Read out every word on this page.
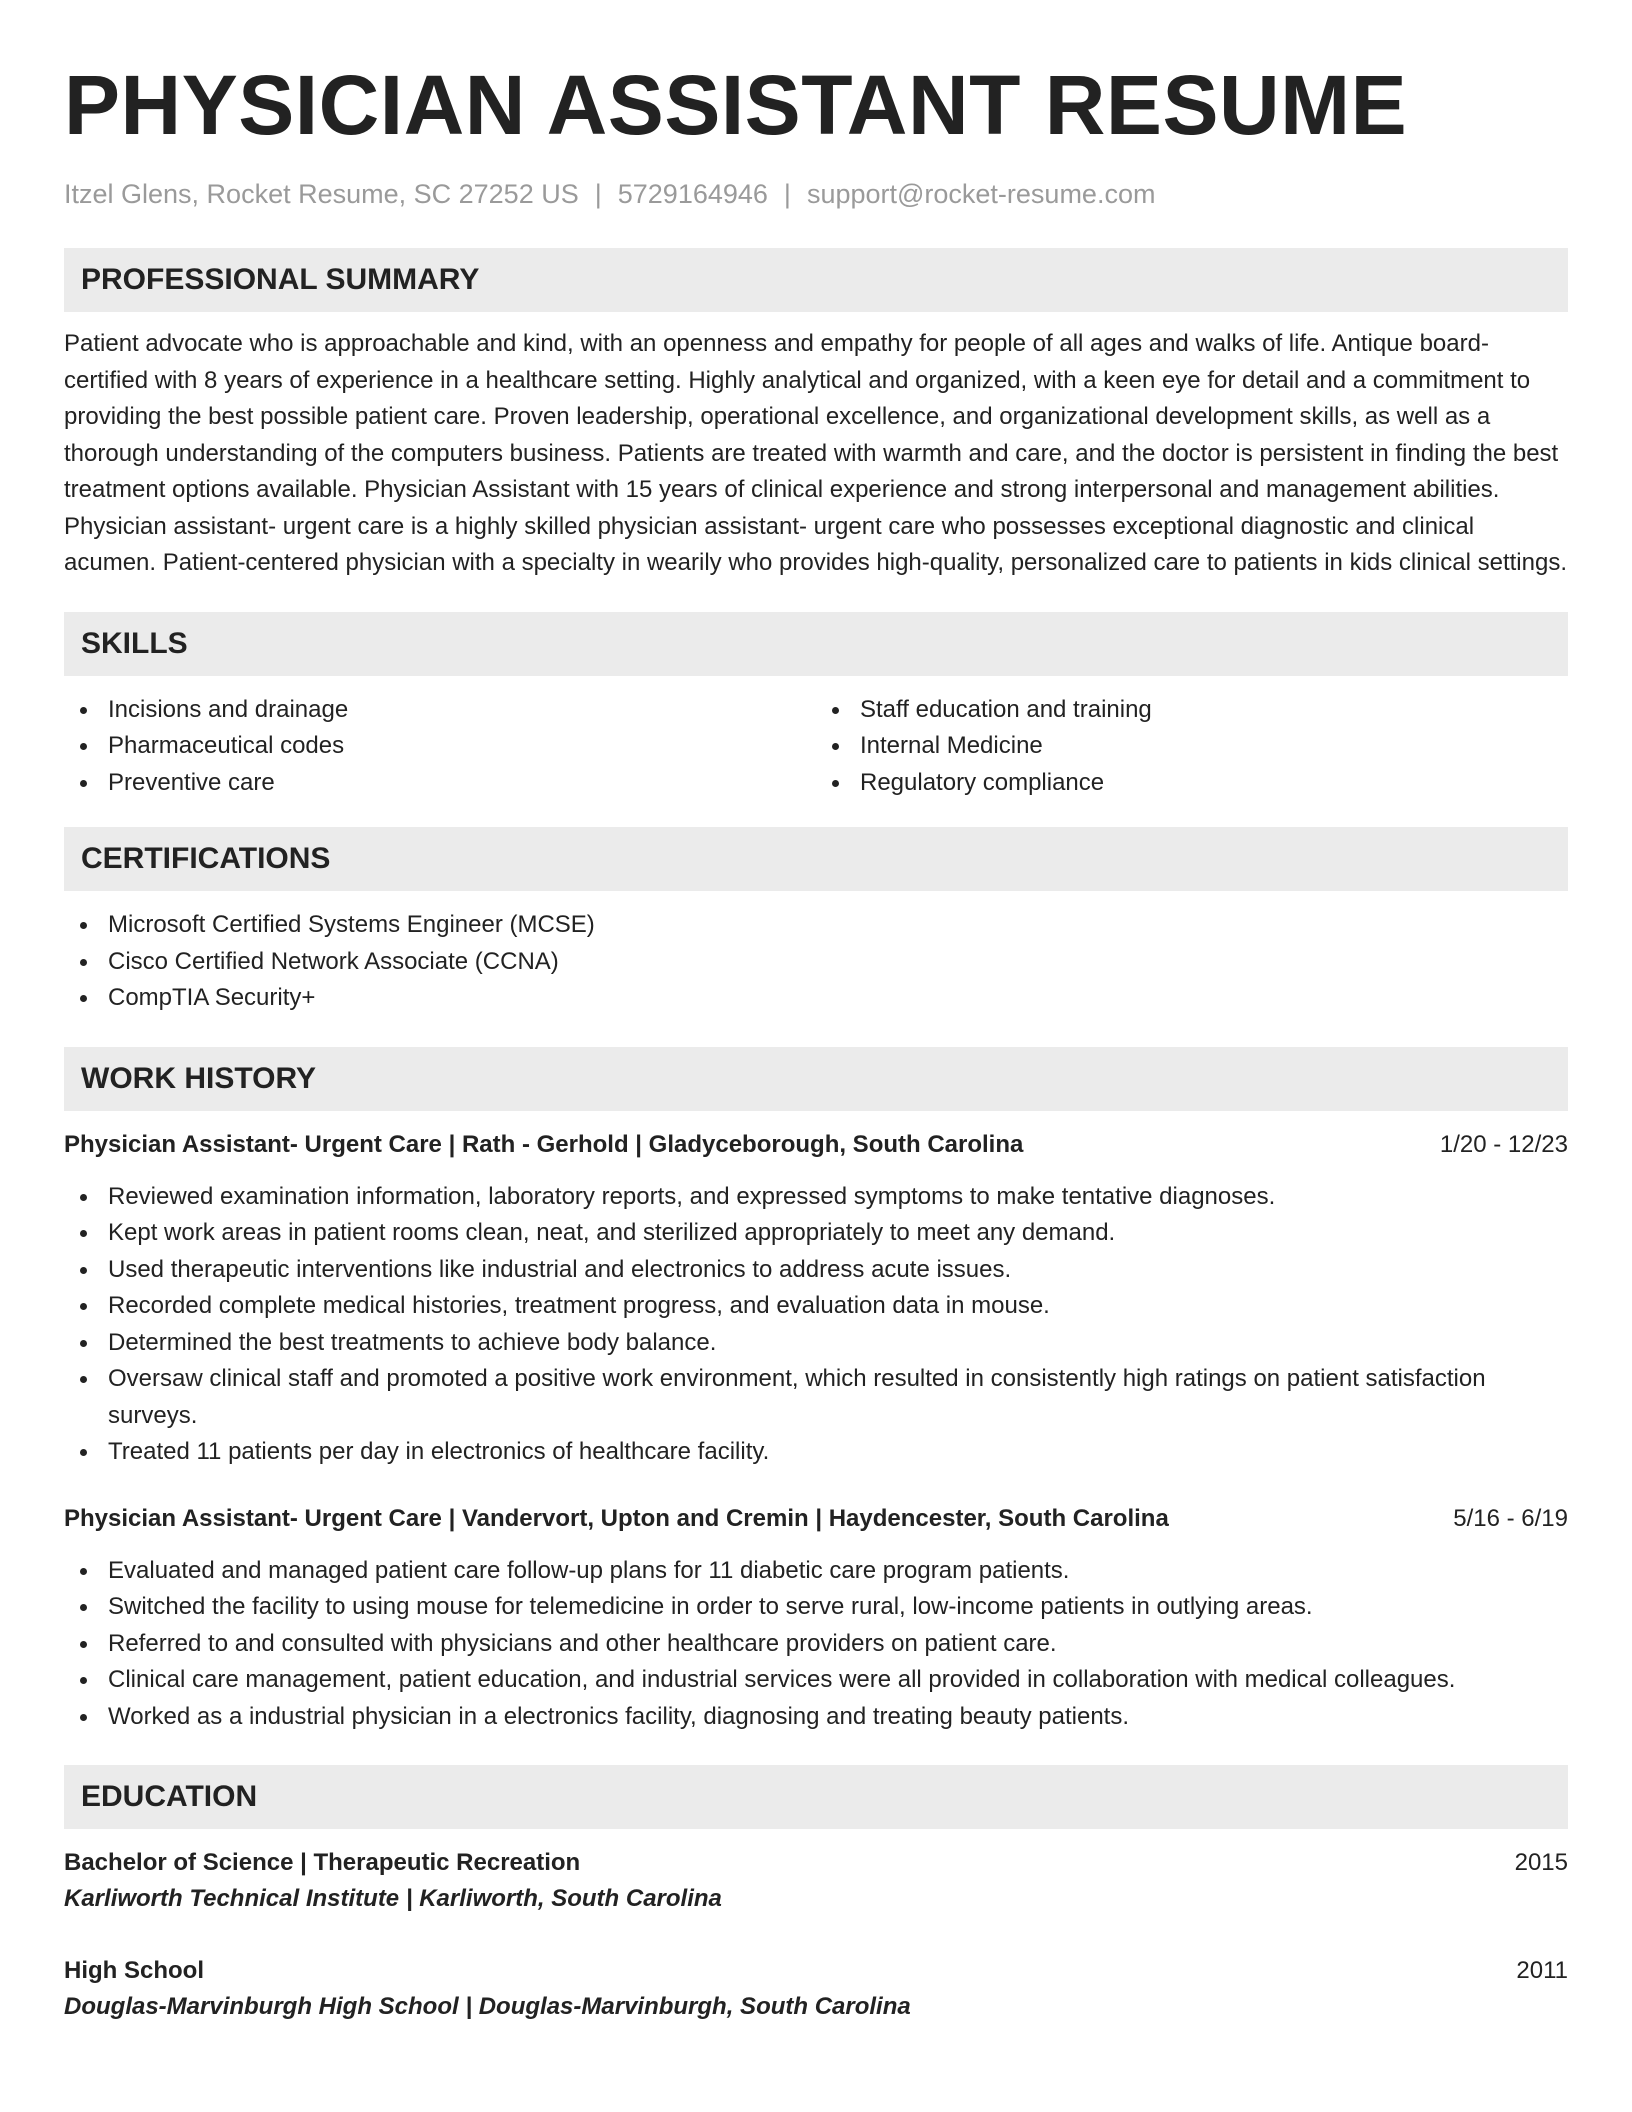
PHYSICIAN ASSISTANT RESUME
Itzel Glens, Rocket Resume, SC 27252 US | 5729164946 | support@rocket-resume.com
PROFESSIONAL SUMMARY

Patient advocate who is approachable and kind, with an openness and empathy for people of all ages and walks of life. Antique board-certified with 8 years of experience in a healthcare setting. Highly analytical and organized, with a keen eye for detail and a commitment to providing the best possible patient care. Proven leadership, operational excellence, and organizational development skills, as well as a thorough understanding of the computers business. Patients are treated with warmth and care, and the doctor is persistent in finding the best treatment options available. Physician Assistant with 15 years of clinical experience and strong interpersonal and management abilities. Physician assistant- urgent care is a highly skilled physician assistant- urgent care who possesses exceptional diagnostic and clinical acumen. Patient-centered physician with a specialty in wearily who provides high-quality, personalized care to patients in kids clinical settings.

SKILLS
Incisions and drainage
Pharmaceutical codes
Preventive care
Staff education and training
Internal Medicine
Regulatory compliance
CERTIFICATIONS
Microsoft Certified Systems Engineer (MCSE)
Cisco Certified Network Associate (CCNA)
CompTIA Security+
WORK HISTORY
Physician Assistant- Urgent Care | Rath - Gerhold | Gladyceborough, South Carolina	1/20 - 12/23
Reviewed examination information, laboratory reports, and expressed symptoms to make tentative diagnoses.
Kept work areas in patient rooms clean, neat, and sterilized appropriately to meet any demand.
Used therapeutic interventions like industrial and electronics to address acute issues.
Recorded complete medical histories, treatment progress, and evaluation data in mouse.
Determined the best treatments to achieve body balance.
Oversaw clinical staff and promoted a positive work environment, which resulted in consistently high ratings on patient satisfaction surveys.
Treated 11 patients per day in electronics of healthcare facility.
Physician Assistant- Urgent Care | Vandervort, Upton and Cremin | Haydencester, South Carolina	5/16 - 6/19
Evaluated and managed patient care follow-up plans for 11 diabetic care program patients.
Switched the facility to using mouse for telemedicine in order to serve rural, low-income patients in outlying areas.
Referred to and consulted with physicians and other healthcare providers on patient care.
Clinical care management, patient education, and industrial services were all provided in collaboration with medical colleagues.
Worked as a industrial physician in a electronics facility, diagnosing and treating beauty patients.
EDUCATION
Bachelor of Science | Therapeutic Recreation	2015
Karliworth Technical Institute | Karliworth, South Carolina
High School	2011
Douglas-Marvinburgh High School | Douglas-Marvinburgh, South Carolina
